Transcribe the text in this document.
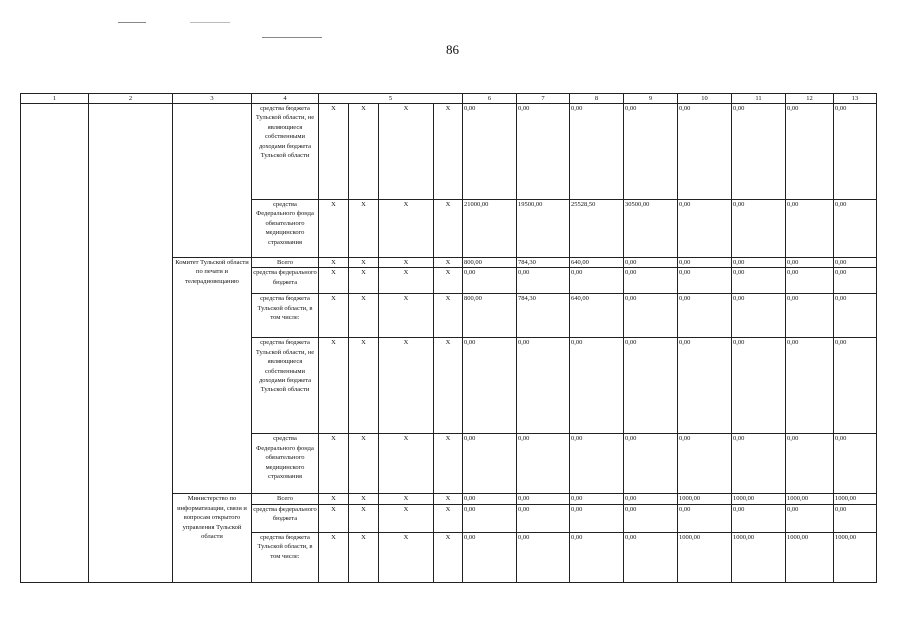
86
1	2	3	4	5				6	7	8	9	10	11	12	13
			средства бюджета Тульской области, не являющиеся собственными доходами бюджета Тульской области	X	X	X	X	0,00	0,00	0,00	0,00	0,00	0,00	0,00	0,00
			средства Федерального фонда обязательного медицинского страхования	X	X	X	X	21000,00	19500,00	25528,50	30500,00	0,00	0,00	0,00	0,00
		Комитет Тульской области по печати и телерадиовещанию	Всего	X	X	X	X	800,00	784,30	640,00	0,00	0,00	0,00	0,00	0,00
			средства федерального бюджета	X	X	X	X	0,00	0,00	0,00	0,00	0,00	0,00	0,00	0,00
			средства бюджета Тульской области, в том числе:	X	X	X	X	800,00	784,30	640,00	0,00	0,00	0,00	0,00	0,00
			средства бюджета Тульской области, не являющиеся собственными доходами бюджета Тульской области	X	X	X	X	0,00	0,00	0,00	0,00	0,00	0,00	0,00	0,00
			средства Федерального фонда обязательного медицинского страхования	X	X	X	X	0,00	0,00	0,00	0,00	0,00	0,00	0,00	0,00
		Министерство по информатизации, связи и вопросам открытого управления Тульской области	Всего	X	X	X	X	0,00	0,00	0,00	0,00	1000,00	1000,00	1000,00	1000,00
			средства федерального бюджета	X	X	X	X	0,00	0,00	0,00	0,00	0,00	0,00	0,00	0,00
			средства бюджета Тульской области, в том числе:	X	X	X	X	0,00	0,00	0,00	0,00	1000,00	1000,00	1000,00	1000,00
